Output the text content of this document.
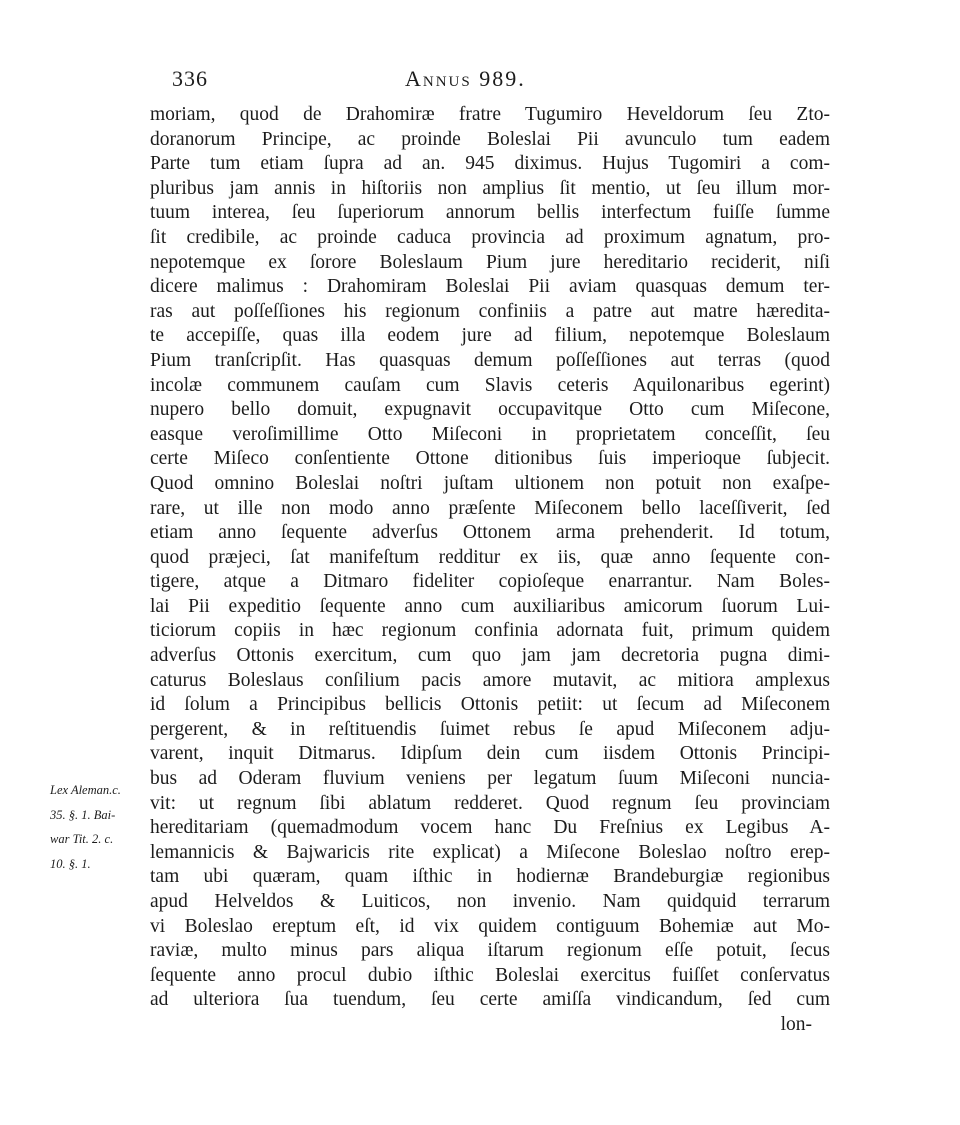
336	Annus 989.
moriam, quod de Drahomiræ fratre Tugumiro Heveldorum ſeu Zto-
doranorum Principe, ac proinde Boleslai Pii avunculo tum eadem
Parte tum etiam ſupra ad an. 945 diximus. Hujus Tugomiri a com-
pluribus jam annis in hiſtoriis non amplius ſit mentio, ut ſeu illum mor-
tuum interea, ſeu ſuperiorum annorum bellis interfectum fuiſſe ſumme
ſit credibile, ac proinde caduca provincia ad proximum agnatum, pro-
nepotemque ex ſorore Boleslaum Pium jure hereditario reciderit, niſi
dicere malimus : Drahomiram Boleslai Pii aviam quasquas demum ter-
ras aut poſſeſſiones his regionum confiniis a patre aut matre hæredita-
te accepiſſe, quas illa eodem jure ad filium, nepotemque Boleslaum
Pium tranſcripſit. Has quasquas demum poſſeſſiones aut terras (quod
incolæ communem cauſam cum Slavis ceteris Aquilonaribus egerint)
nupero bello domuit, expugnavit occupavitque Otto cum Miſecone,
easque veroſimillime Otto Miſeconi in proprietatem conceſſit, ſeu
certe Miſeco conſentiente Ottone ditionibus ſuis imperioque ſubjecit.
Quod omnino Boleslai noſtri juſtam ultionem non potuit non exaſpe-
rare, ut ille non modo anno præſente Miſeconem bello laceſſiverit, ſed
etiam anno ſequente adverſus Ottonem arma prehenderit. Id totum,
quod præjeci, ſat manifeſtum redditur ex iis, quæ anno ſequente con-
tigere, atque a Ditmaro fideliter copioſeque enarrantur. Nam Boles-
lai Pii expeditio ſequente anno cum auxiliaribus amicorum ſuorum Lui-
ticiorum copiis in hæc regionum confinia adornata fuit, primum quidem
adverſus Ottonis exercitum, cum quo jam jam decretoria pugna dimi-
caturus Boleslaus conſilium pacis amore mutavit, ac mitiora amplexus
id ſolum a Principibus bellicis Ottonis petiit: ut ſecum ad Miſeconem
pergerent, & in reſtituendis ſuimet rebus ſe apud Miſeconem adju-
varent, inquit Ditmarus. Idipſum dein cum iisdem Ottonis Principi-
bus ad Oderam fluvium veniens per legatum ſuum Miſeconi nuncia-
vit: ut regnum ſibi ablatum redderet. Quod regnum ſeu provinciam
hereditariam (quemadmodum vocem hanc Du Freſnius ex Legibus A-
lemannicis & Bajwaricis rite explicat) a Miſecone Boleslao noſtro erep-
tam ubi quæram, quam iſthic in hodiernæ Brandeburgiæ regionibus
apud Helveldos & Luiticos, non invenio. Nam quidquid terrarum
vi Boleslao ereptum eſt, id vix quidem contiguum Bohemiæ aut Mo-
raviæ, multo minus pars aliqua iſtarum regionum eſſe potuit, ſecus
ſequente anno procul dubio iſthic Boleslai exercitus fuiſſet conſervatus
ad ulteriora ſua tuendum, ſeu certe amiſſa vindicandum, ſed cum
lon-
Lex Aleman.c.
35. §. 1. Bai-
war Tit. 2. c.
10. §. 1.
